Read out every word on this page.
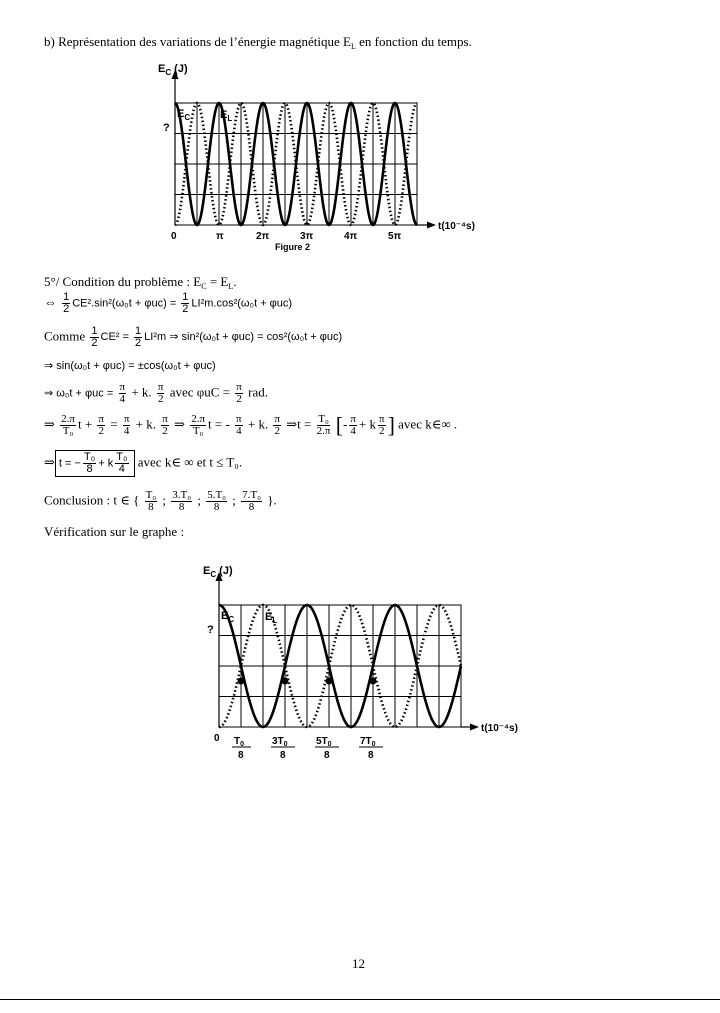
b) Représentation des variations de l’énergie magnétique $E_L$ en fonction du temps.
$E_C$ (J)
?
$E_C$	$E_L$
0	π	2π	3π	4π	5π
t(10⁻⁴s)
Figure 2
5°/ Condition du problème : $E_C = E_L$.
⇔ $\frac{1}{2} CE^2.\sin^2(\omega_0t + \varphi uc) = \frac{1}{2} LI^2m.\cos^2(\omega_0t + \varphi uc)$
Comme $\frac{1}{2} CE^2 = \frac{1}{2} LI^2m$ ⇒ sin²(ω₀t + φuc) = cos²(ω₀t + φuc)
⇒ sin(ω₀t + φuc) = ±cos(ω₀t + φuc)
⇒ $\omega_0t + \varphi uc = \frac{\pi}{4} + k$. $\frac{\pi}{2}$ avec $\varphi uC = \frac{\pi}{2}$ rad.
⇒ $\frac{2.\pi}{\text{T₀}}$ $t + \frac{\pi}{2} = \frac{\pi}{4} + k$. $\frac{\pi}{2}$ ⇒ $\frac{2.\pi}{\text{T₀}}$ t = - $\frac{\pi}{4} + k$. $\frac{\pi}{2}$ ⇒t = $\frac{\text{T₀}}{2.\pi}$ [- $\frac{\pi}{4} + k \frac{\pi}{2}$ ] avec k∈∞ .
⇒ t = − $\frac{\text{T₀}}{8} + k \frac{\text{T₀}}{4}$ avec k∈ ∞ et t ≤ T₀.
Conclusion : t ∈ { $\frac{\text{T₀}}{8}$ ; $\frac{\text{3.T₀}}{8}$ ; $\frac{\text{5.T₀}}{8}$ ; $\frac{\text{7.T₀}}{8}$ }.
Vérification sur le graphe :
$E_C$ (J)
?
$E_C$	$E_L$
0 $T_0$
8
$3T_0$
8
$5T_0$
8
$7T_0$
8
t(10⁻⁴s)
12
